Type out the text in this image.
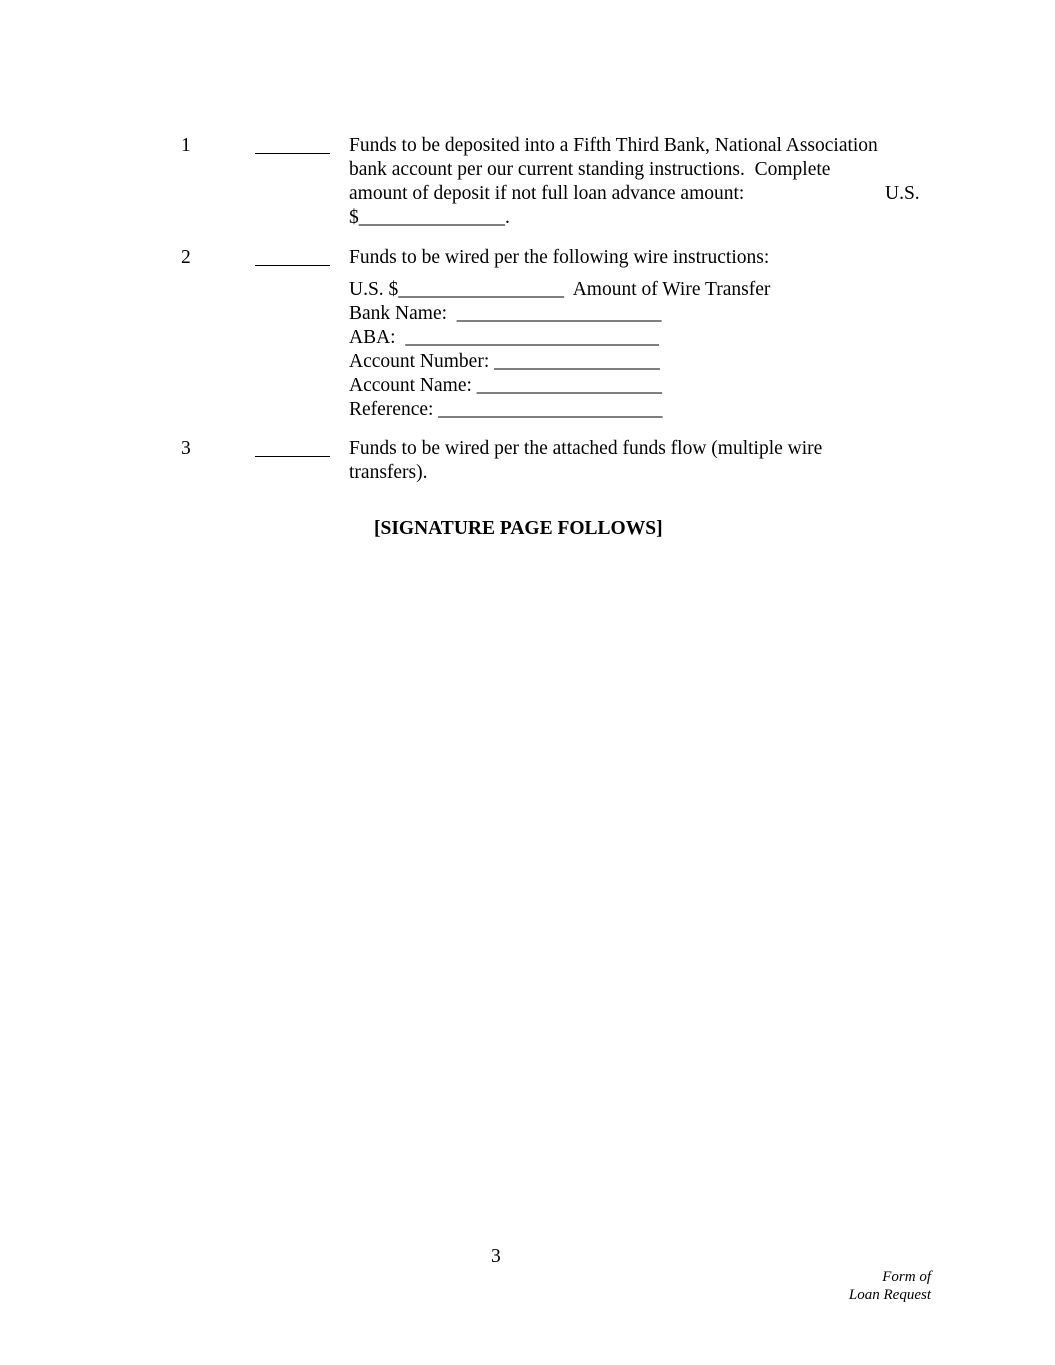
1	Funds to be deposited into a Fifth Third Bank, National Association
bank account per our current standing instructions.  Complete
amount of deposit if not full loan advance amount:	U.S.
$_______________.
2	Funds to be wired per the following wire instructions:
U.S. $_________________  Amount of Wire Transfer
Bank Name:  _____________________
ABA:  __________________________
Account Number: _________________
Account Name: ___________________
Reference: _______________________
3	Funds to be wired per the attached funds flow (multiple wire
transfers).
[SIGNATURE PAGE FOLLOWS]
3
Form of
Loan Request
